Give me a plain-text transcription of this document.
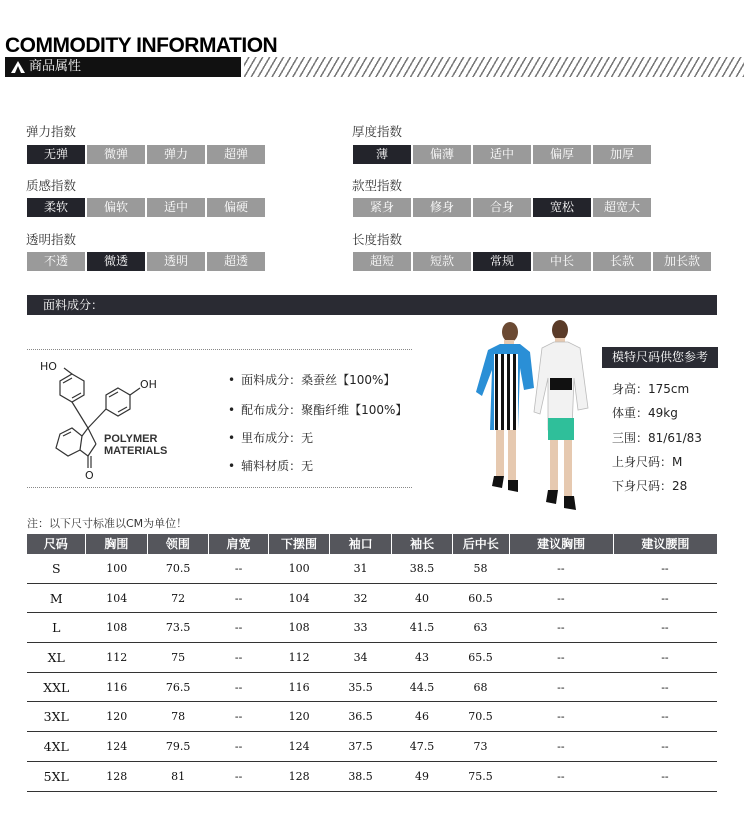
COMMODITY INFORMATION
商品属性
弹力指数
无弹	微弹	弹力	超弹
厚度指数
薄	偏薄	适中	偏厚	加厚
质感指数
柔软	偏软	适中	偏硬
款型指数
紧身	修身	合身	宽松	超宽大
透明指数
不透	微透	透明	超透
长度指数
超短	短款	常规	中长	长款	加长款
面料成分：
HO
OH
O
POLYMER
MATERIALS
• 面料成分：桑蚕丝【100%】
• 配布成分：聚酯纤维【100%】
• 里布成分：无
• 辅料材质：无
模特尺码供您参考
身高：175cm
体重：49kg
三围：81/61/83
上身尺码：M
下身尺码：28
注：以下尺寸标准以CM为单位！
尺码	胸围	领围	肩宽	下摆围	袖口	袖长	后中长	建议胸围	建议腰围
S	100	70.5	--	100	31	38.5	58	--	--
M	104	72	--	104	32	40	60.5	--	--
L	108	73.5	--	108	33	41.5	63	--	--
XL	112	75	--	112	34	43	65.5	--	--
XXL	116	76.5	--	116	35.5	44.5	68	--	--
3XL	120	78	--	120	36.5	46	70.5	--	--
4XL	124	79.5	--	124	37.5	47.5	73	--	--
5XL	128	81	--	128	38.5	49	75.5	--	--
